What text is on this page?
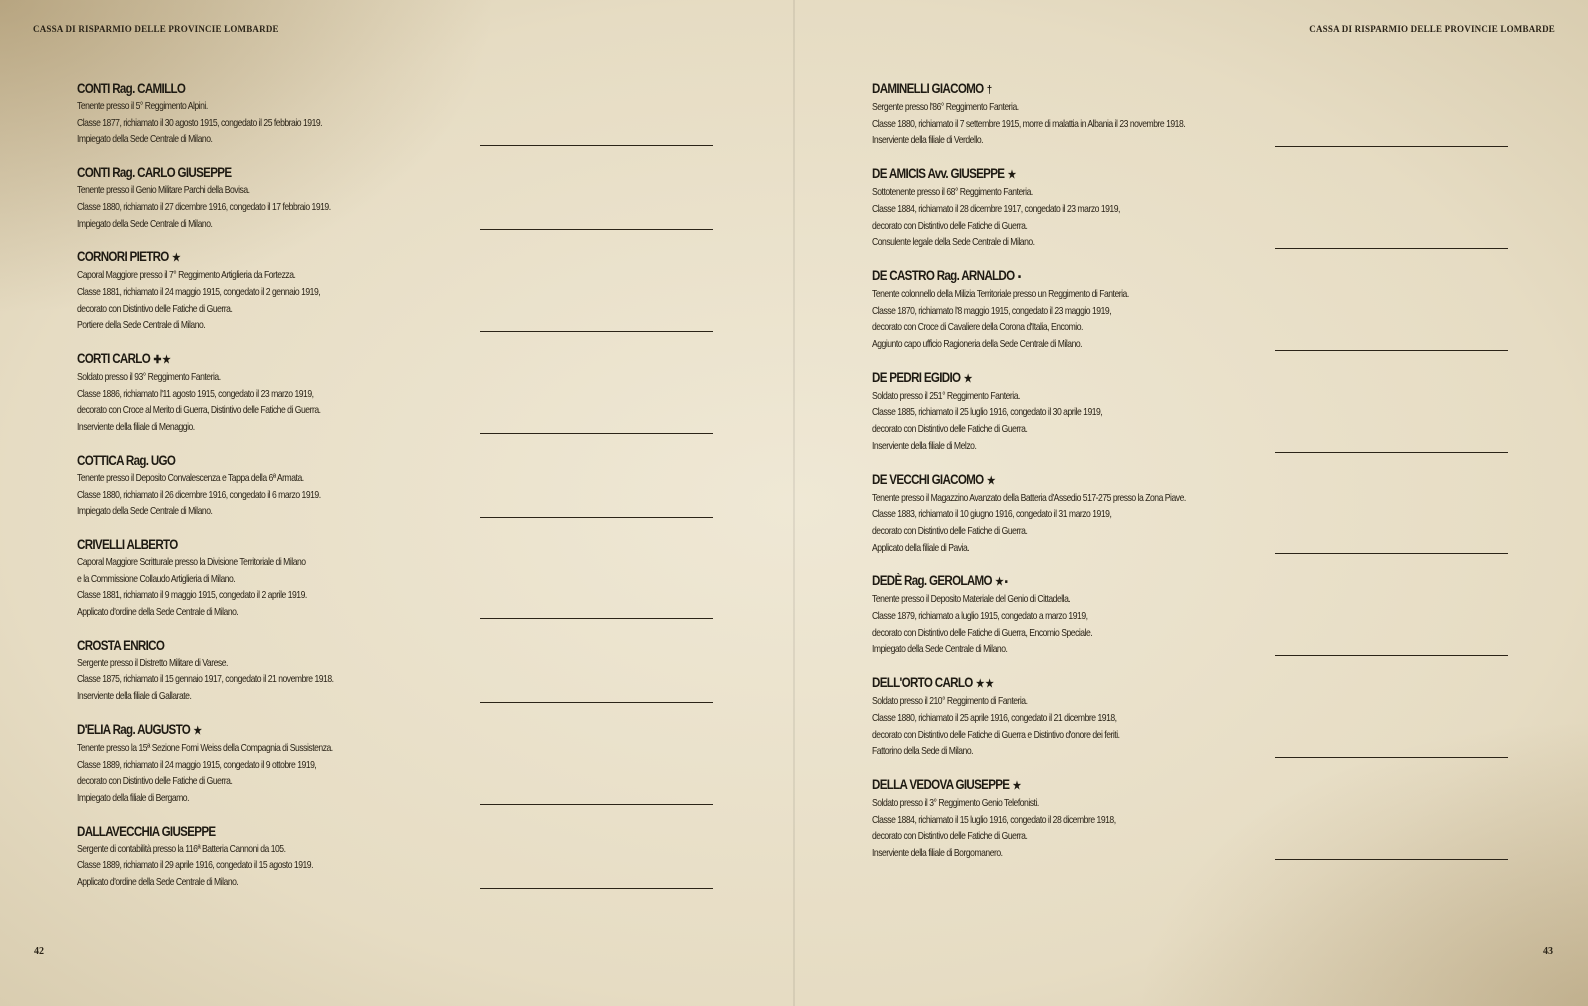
CASSA DI RISPARMIO DELLE PROVINCIE LOMBARDE	CASSA DI RISPARMIO DELLE PROVINCIE LOMBARDE

CONTI Rag. CAMILLO

Tenente presso il 5° Reggimento Alpini.

Classe 1877, richiamato il 30 agosto 1915, congedato il 25 febbraio 1919.

Impiegato della Sede Centrale di Milano.

CONTI Rag. CARLO GIUSEPPE

Tenente presso il Genio Militare Parchi della Bovisa.

Classe 1880, richiamato il 27 dicembre 1916, congedato il 17 febbraio 1919.

Impiegato della Sede Centrale di Milano.

CORNORI PIETRO ★

Caporal Maggiore presso il 7° Reggimento Artiglieria da Fortezza.

Classe 1881, richiamato il 24 maggio 1915, congedato il 2 gennaio 1919,

decorato con Distintivo delle Fatiche di Guerra.

Portiere della Sede Centrale di Milano.

CORTI CARLO ✚★

Soldato presso il 93° Reggimento Fanteria.

Classe 1886, richiamato l'11 agosto 1915, congedato il 23 marzo 1919,

decorato con Croce al Merito di Guerra, Distintivo delle Fatiche di Guerra.

Inserviente della filiale di Menaggio.

COTTICA Rag. UGO

Tenente presso il Deposito Convalescenza e Tappa della 6ª Armata.

Classe 1880, richiamato il 26 dicembre 1916, congedato il 6 marzo 1919.

Impiegato della Sede Centrale di Milano.

CRIVELLI ALBERTO

Caporal Maggiore Scritturale presso la Divisione Territoriale di Milano

e la Commissione Collaudo Artiglieria di Milano.

Classe 1881, richiamato il 9 maggio 1915, congedato il 2 aprile 1919.

Applicato d'ordine della Sede Centrale di Milano.

CROSTA ENRICO

Sergente presso il Distretto Militare di Varese.

Classe 1875, richiamato il 15 gennaio 1917, congedato il 21 novembre 1918.

Inserviente della filiale di Gallarate.

D'ELIA Rag. AUGUSTO ★

Tenente presso la 15ª Sezione Forni Weiss della Compagnia di Sussistenza.

Classe 1889, richiamato il 24 maggio 1915, congedato il 9 ottobre 1919,

decorato con Distintivo delle Fatiche di Guerra.

Impiegato della filiale di Bergamo.

DALLAVECCHIA GIUSEPPE

Sergente di contabilità presso la 116ª Batteria Cannoni da 105.

Classe 1889, richiamato il 29 aprile 1916, congedato il 15 agosto 1919.

Applicato d'ordine della Sede Centrale di Milano.

DAMINELLI GIACOMO †

Sergente presso l'86° Reggimento Fanteria.

Classe 1880, richiamato il 7 settembre 1915, morre di malattia in Albania il 23 novembre 1918.

Inserviente della filiale di Verdello.

DE AMICIS Avv. GIUSEPPE ★

Sottotenente presso il 68° Reggimento Fanteria.

Classe 1884, richiamato il 28 dicembre 1917, congedato il 23 marzo 1919,

decorato con Distintivo delle Fatiche di Guerra.

Consulente legale della Sede Centrale di Milano.

DE CASTRO Rag. ARNALDO ▪

Tenente colonnello della Milizia Territoriale presso un Reggimento di Fanteria.

Classe 1870, richiamato l'8 maggio 1915, congedato il 23 maggio 1919,

decorato con Croce di Cavaliere della Corona d'Italia, Encomio.

Aggiunto capo ufficio Ragioneria della Sede Centrale di Milano.

DE PEDRI EGIDIO ★

Soldato presso il 251° Reggimento Fanteria.

Classe 1885, richiamato il 25 luglio 1916, congedato il 30 aprile 1919,

decorato con Distintivo delle Fatiche di Guerra.

Inserviente della filiale di Melzo.

DE VECCHI GIACOMO ★

Tenente presso il Magazzino Avanzato della Batteria d'Assedio 517-275 presso la Zona Piave.

Classe 1883, richiamato il 10 giugno 1916, congedato il 31 marzo 1919,

decorato con Distintivo delle Fatiche di Guerra.

Applicato della filiale di Pavia.

DEDÈ Rag. GEROLAMO ★▪

Tenente presso il Deposito Materiale del Genio di Cittadella.

Classe 1879, richiamato a luglio 1915, congedato a marzo 1919,

decorato con Distintivo delle Fatiche di Guerra, Encomio Speciale.

Impiegato della Sede Centrale di Milano.

DELL'ORTO CARLO ★★

Soldato presso il 210° Reggimento di Fanteria.

Classe 1880, richiamato il 25 aprile 1916, congedato il 21 dicembre 1918,

decorato con Distintivo delle Fatiche di Guerra e Distintivo d'onore dei feriti.

Fattorino della Sede di Milano.

DELLA VEDOVA GIUSEPPE ★

Soldato presso il 3° Reggimento Genio Telefonisti.

Classe 1884, richiamato il 15 luglio 1916, congedato il 28 dicembre 1918,

decorato con Distintivo delle Fatiche di Guerra.

Inserviente della filiale di Borgomanero.

42	43
